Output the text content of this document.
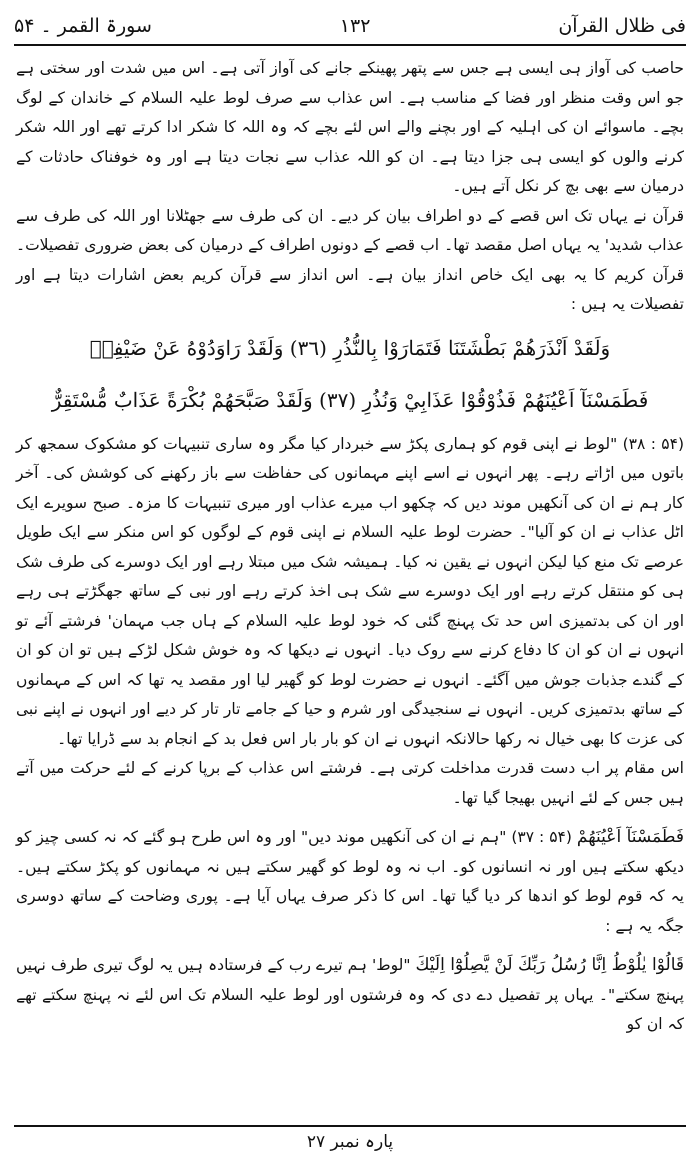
فی ظلال القرآن
۱۳۲
سورۃ القمر ۔ ۵۴

حاصب کی آواز ہی ایسی ہے جس سے پتھر پھینکے جانے کی آواز آتی ہے۔ اس میں شدت اور سختی ہے جو اس وقت منظر اور فضا کے مناسب ہے۔ اس عذاب سے صرف لوط علیہ السلام کے خاندان کے لوگ بچے۔ ماسوائے ان کی اہلیہ کے اور بچنے والے اس لئے بچے کہ وہ اللہ کا شکر ادا کرتے تھے اور اللہ شکر کرنے والوں کو ایسی ہی جزا دیتا ہے۔ ان کو اللہ عذاب سے نجات دیتا ہے اور وہ خوفناک حادثات کے درمیان سے بھی بچ کر نکل آتے ہیں۔

قرآن نے یہاں تک اس قصے کے دو اطراف بیان کر دیے۔ ان کی طرف سے جھٹلانا اور اللہ کی طرف سے عذاب شدید' یہ یہاں اصل مقصد تھا۔ اب قصے کے دونوں اطراف کے درمیان کی بعض ضروری تفصیلات۔ قرآن کریم کا یہ بھی ایک خاص انداز بیان ہے۔ اس انداز سے قرآن کریم بعض اشارات دیتا ہے اور تفصیلات یہ ہیں :

وَلَقَدْ اَنْذَرَهُمْ بَطْشَتَنَا فَتَمَارَوْا بِالنُّذُرِ (٣٦) وَلَقَدْ رَاوَدُوْهُ عَنْ ضَيْفِهٖ
فَطَمَسْنَآ اَعْيُنَهُمْ فَذُوْقُوْا عَذَابِيْ وَنُذُرِ (٣٧) وَلَقَدْ صَبَّحَهُمْ بُكْرَةً عَذَابٌ مُّسْتَقِرٌّ

(۵۴ : ۳۸) "لوط نے اپنی قوم کو ہماری پکڑ سے خبردار کیا مگر وہ ساری تنبیہات کو مشکوک سمجھ کر باتوں میں اڑاتے رہے۔ پھر انہوں نے اسے اپنے مہمانوں کی حفاظت سے باز رکھنے کی کوشش کی۔ آخر کار ہم نے ان کی آنکھیں موند دیں کہ چکھو اب میرے عذاب اور میری تنبیہات کا مزہ۔ صبح سویرے ایک اٹل عذاب نے ان کو آلیا"۔ حضرت لوط علیہ السلام نے اپنی قوم کے لوگوں کو اس منکر سے ایک طویل عرصے تک منع کیا لیکن انہوں نے یقین نہ کیا۔ ہمیشہ شک میں مبتلا رہے اور ایک دوسرے کی طرف شک ہی کو منتقل کرتے رہے اور ایک دوسرے سے شک ہی اخذ کرتے رہے اور نبی کے ساتھ جھگڑتے ہی رہے اور ان کی بدتمیزی اس حد تک پہنچ گئی کہ خود لوط علیہ السلام کے ہاں جب مہمان' فرشتے آئے تو انہوں نے ان کو ان کا دفاع کرنے سے روک دیا۔ انہوں نے دیکھا کہ وہ خوش شکل لڑکے ہیں تو ان کو ان کے گندے جذبات جوش میں آگئے۔ انہوں نے حضرت لوط کو گھیر لیا اور مقصد یہ تھا کہ اس کے مہمانوں کے ساتھ بدتمیزی کریں۔ انہوں نے سنجیدگی اور شرم و حیا کے جامے تار تار کر دیے اور انہوں نے اپنے نبی کی عزت کا بھی خیال نہ رکھا حالانکہ انہوں نے ان کو بار بار اس فعل بد کے انجام بد سے ڈرایا تھا۔

اس مقام پر اب دست قدرت مداخلت کرتی ہے۔ فرشتے اس عذاب کے برپا کرنے کے لئے حرکت میں آتے ہیں جس کے لئے انہیں بھیجا گیا تھا۔

فَطَمَسْنَآ اَعْيُنَهُمْ (۵۴ : ۳۷) "ہم نے ان کی آنکھیں موند دیں" اور وہ اس طرح ہو گئے کہ نہ کسی چیز کو دیکھ سکتے ہیں اور نہ انسانوں کو۔ اب نہ وہ لوط کو گھیر سکتے ہیں نہ مہمانوں کو پکڑ سکتے ہیں۔ یہ کہ قوم لوط کو اندھا کر دیا گیا تھا۔ اس کا ذکر صرف یہاں آیا ہے۔ پوری وضاحت کے ساتھ دوسری جگہ یہ ہے :

قَالُوْا يٰلُوْطُ اِنَّا رُسُلُ رَبِّكَ لَنْ يَّصِلُوْٓا اِلَيْكَ "لوط' ہم تیرے رب کے فرستادہ ہیں یہ لوگ تیری طرف نہیں پہنچ سکتے"۔ یہاں پر تفصیل دے دی کہ وہ فرشتوں اور لوط علیہ السلام تک اس لئے نہ پہنچ سکتے تھے کہ ان کو

پارہ نمبر ۲۷
